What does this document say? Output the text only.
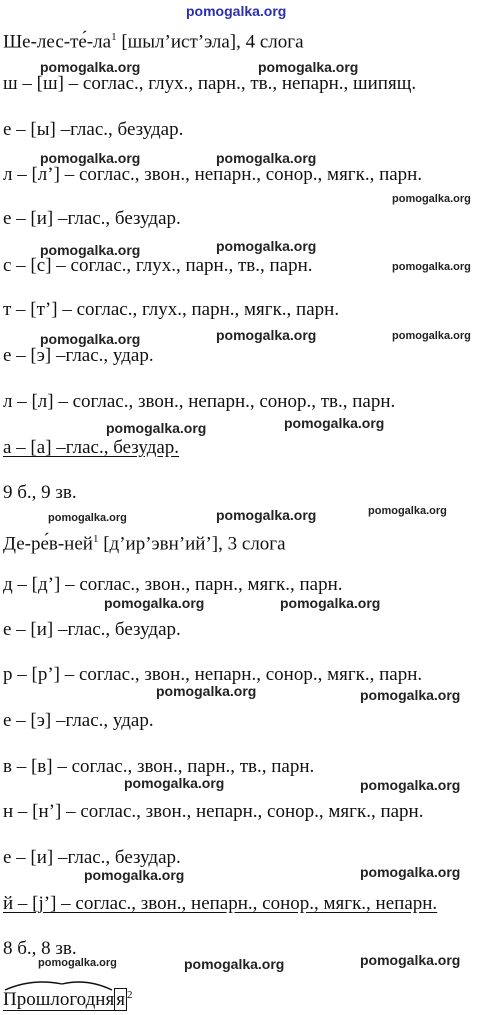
pomogalka.org
$Ше-лес-те́-ла^1$ [шыл’ист’эла], 4 слога
ш – [ш] – соглас., глух., парн., тв., непарн., шипящ.
е – [ы] –глас., безудар.
л – [л’] – соглас., звон., непарн., сонор., мягк., парн.
е – [и] –глас., безудар.
с – [с] – соглас., глух., парн., тв., парн.
т – [т’] – соглас., глух., парн., мягк., парн.
е – [э] –глас., удар.
л – [л] – соглас., звон., непарн., сонор., тв., парн.
а – [а] –глас., безудар.
9 б., 9 зв.
Де-ре́в-ней$^1$ [д’ир’эвн’ий’], 3 слога
д – [д’] – соглас., звон., парн., мягк., парн.
е – [и] –глас., безудар.
р – [р’] – соглас., звон., непарн., сонор., мягк., парн.
е – [э] –глас., удар.
в – [в] – соглас., звон., парн., тв., парн.
н – [н’] – соглас., звон., непарн., сонор., мягк., парн.
е – [и] –глас., безудар.
й – [j’] – соглас., звон., непарн., сонор., мягк., непарн.
8 б., 8 зв.
Прошлогодня я $^2$
pomogalka.org
pomogalka.org
pomogalka.org	pomogalka.org
pomogalka.org
pomogalka.org	pomogalka.org
pomogalka.org
pomogalka.org
pomogalka.org	pomogalka.org
pomogalka.org	pomogalka.org
pomogalka.org	pomogalka.org	pomogalka.org
pomogalka.org	pomogalka.org
pomogalka.org	pomogalka.org
pomogalka.org	pomogalka.org
pomogalka.org	pomogalka.org
pomogalka.org	pomogalka.org	pomogalka.org
